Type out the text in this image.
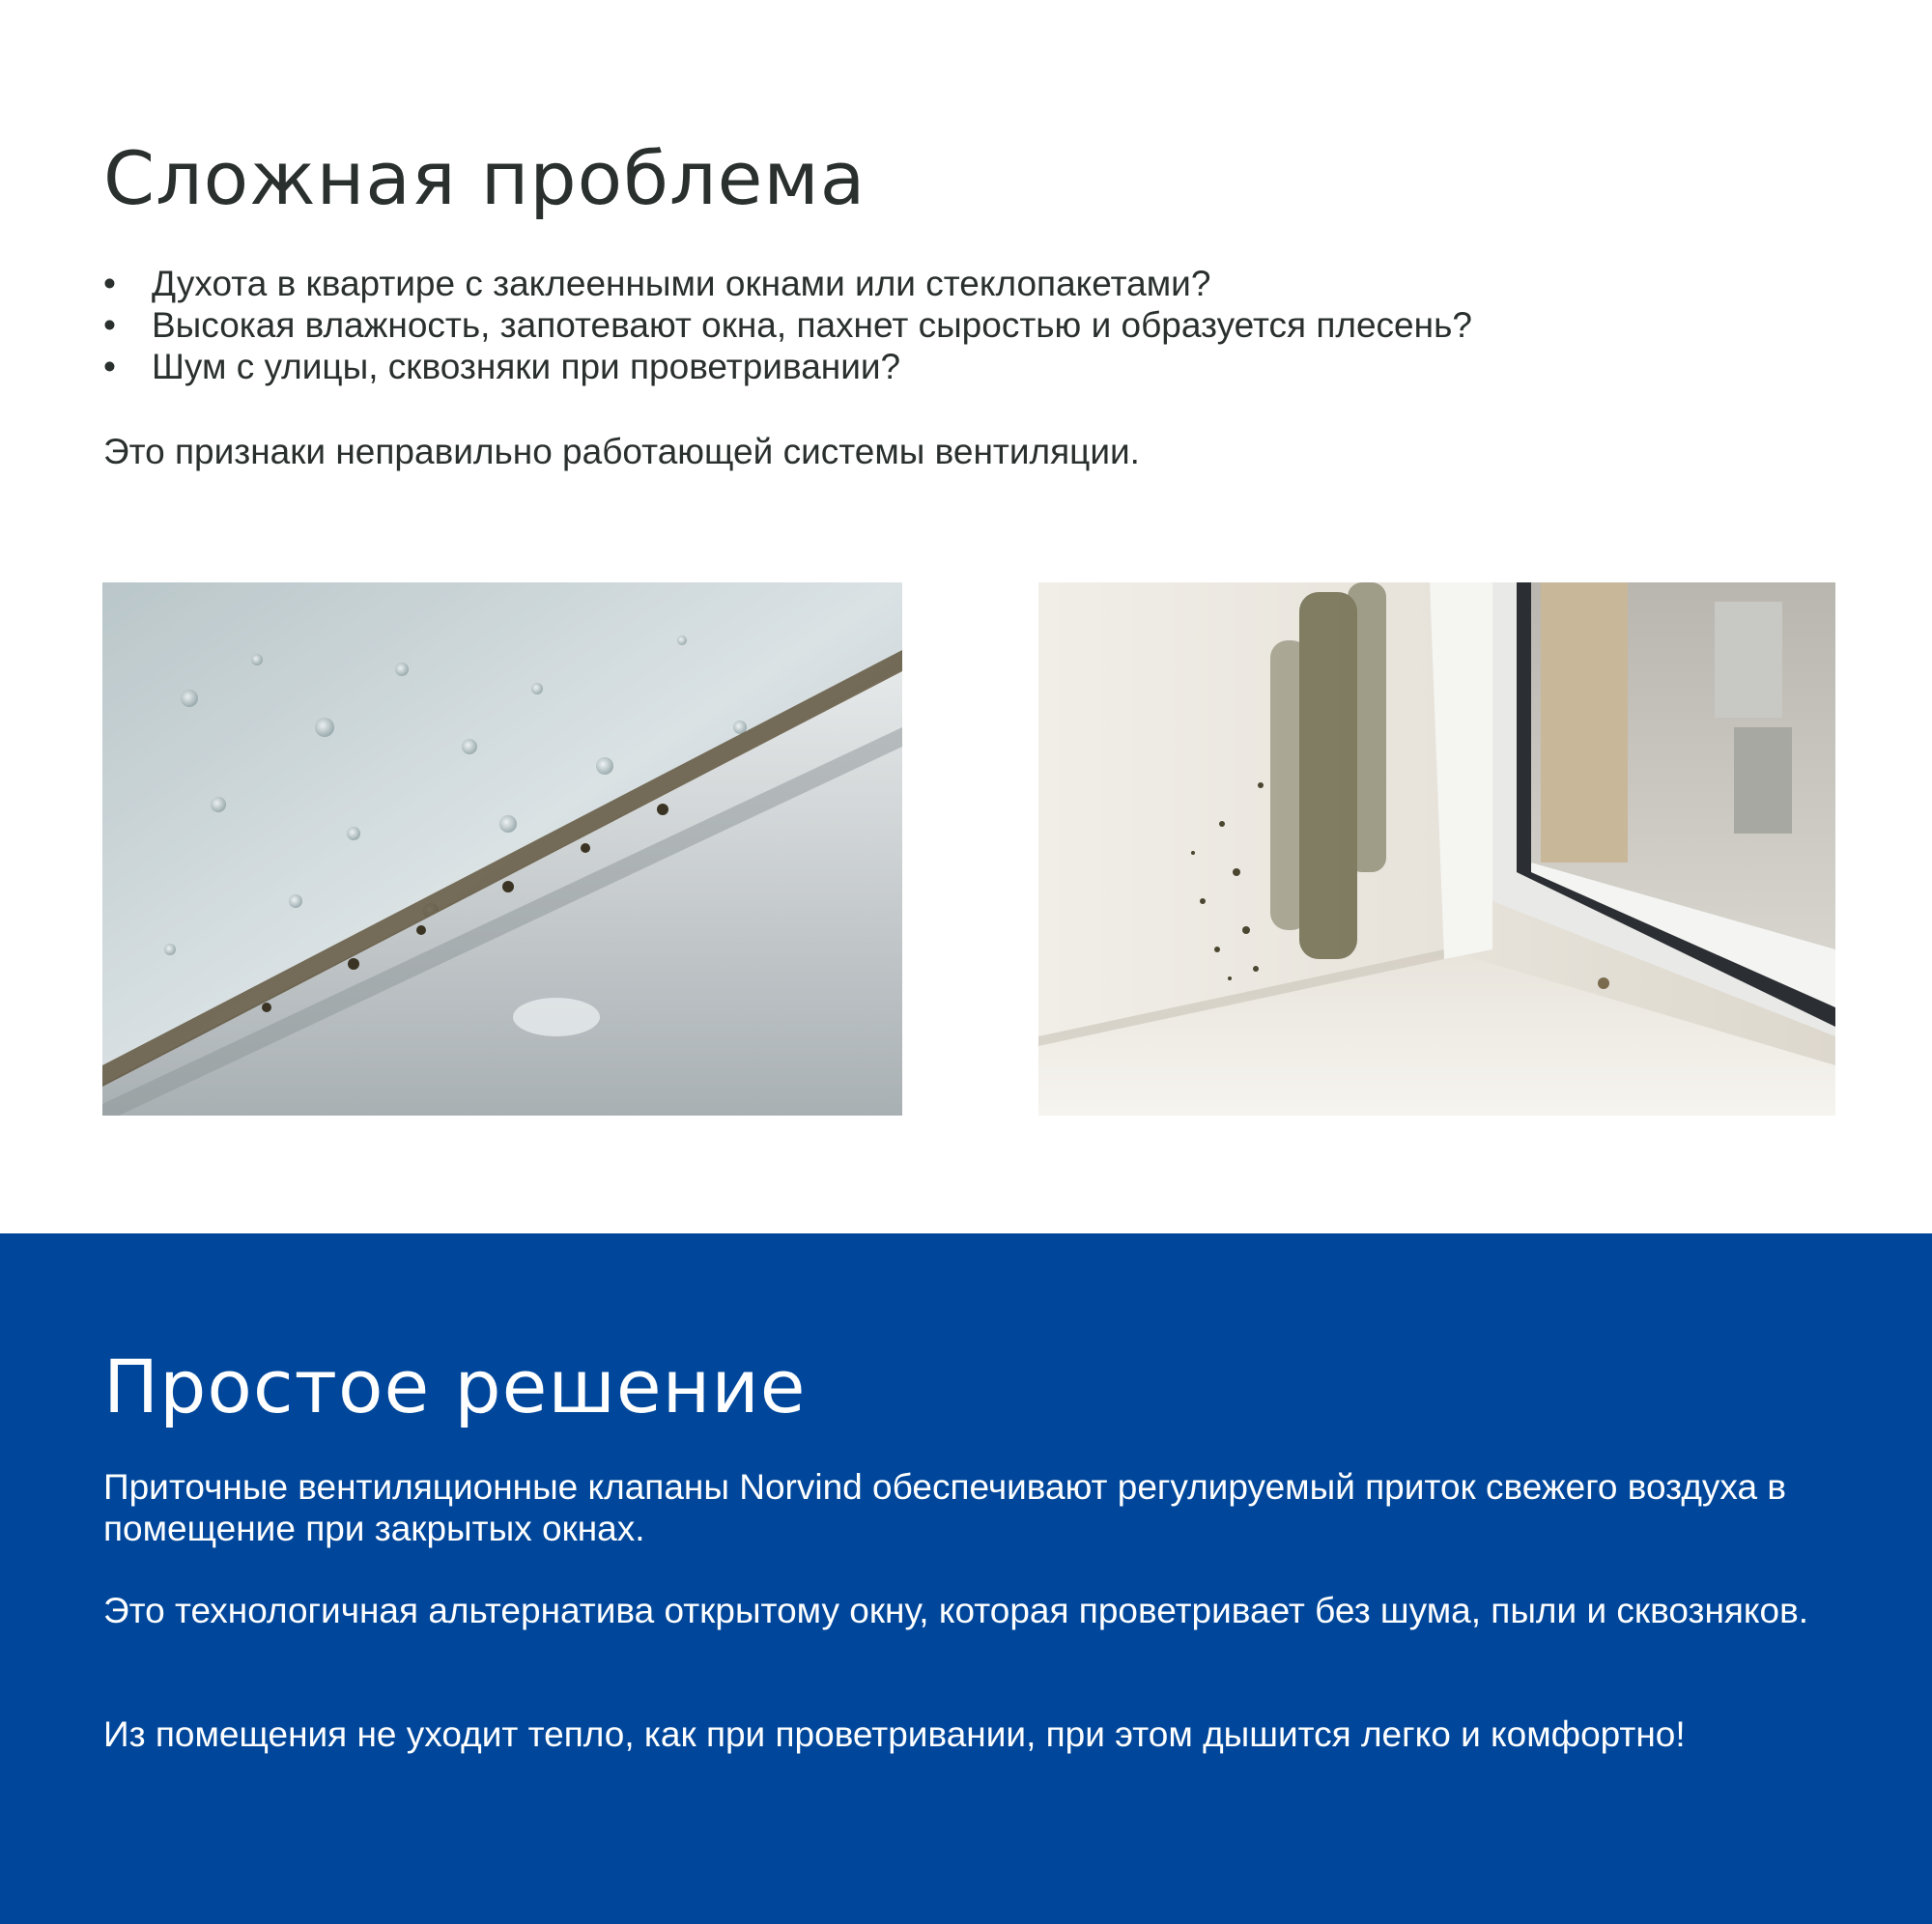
Сложная проблема
• Духота в квартире с заклеенными окнами или стеклопакетами?
• Высокая влажность, запотевают окна, пахнет сыростью и образуется плесень?
• Шум с улицы, сквозняки при проветривании?

Это признаки неправильно работающей системы вентиляции.

Простое решение

Приточные вентиляционные клапаны Norvind обеспечивают регулируемый приток свежего воздуха в помещение при закрытых окнах.

Это технологичная альтернатива открытому окну, которая проветривает без шума, пыли и сквозняков.

Из помещения не уходит тепло, как при проветривании, при этом дышится легко и комфортно!
